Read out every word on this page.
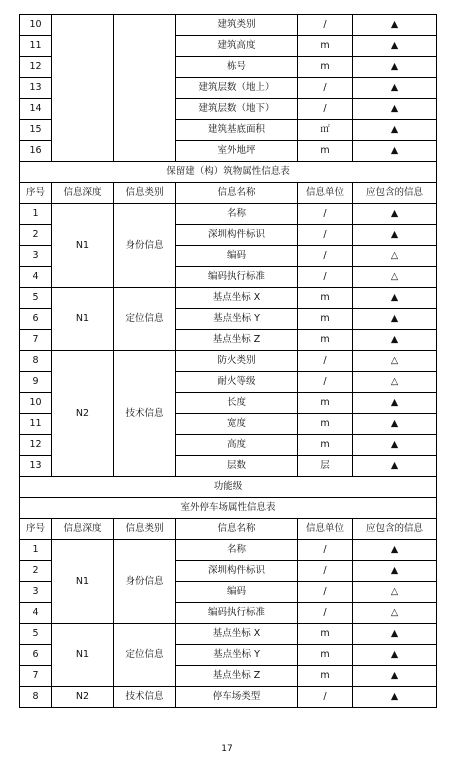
10			建筑类别	/	▲
11			建筑高度	m	▲
12			栋号	m	▲
13			建筑层数（地上）	/	▲
14			建筑层数（地下）	/	▲
15			建筑基底面积	㎡	▲
16			室外地坪	m	▲
保留建（构）筑物属性信息表					
序号	信息深度	信息类别	信息名称	信息单位	应包含的信息
1	N1	身份信息	名称	/	▲
2			深圳构件标识	/	▲
3			编码	/	△
4			编码执行标准	/	△
5	N1	定位信息	基点坐标 X	m	▲
6			基点坐标 Y	m	▲
7			基点坐标 Z	m	▲
8	N2	技术信息	防火类别	/	△
9			耐火等级	/	△
10			长度	m	▲
11			宽度	m	▲
12			高度	m	▲
13			层数	层	▲
功能级					
室外停车场属性信息表					
序号	信息深度	信息类别	信息名称	信息单位	应包含的信息
1	N1	身份信息	名称	/	▲
2			深圳构件标识	/	▲
3			编码	/	△
4			编码执行标准	/	△
5	N1	定位信息	基点坐标 X	m	▲
6			基点坐标 Y	m	▲
7			基点坐标 Z	m	▲
8	N2	技术信息	停车场类型	/	▲
17
